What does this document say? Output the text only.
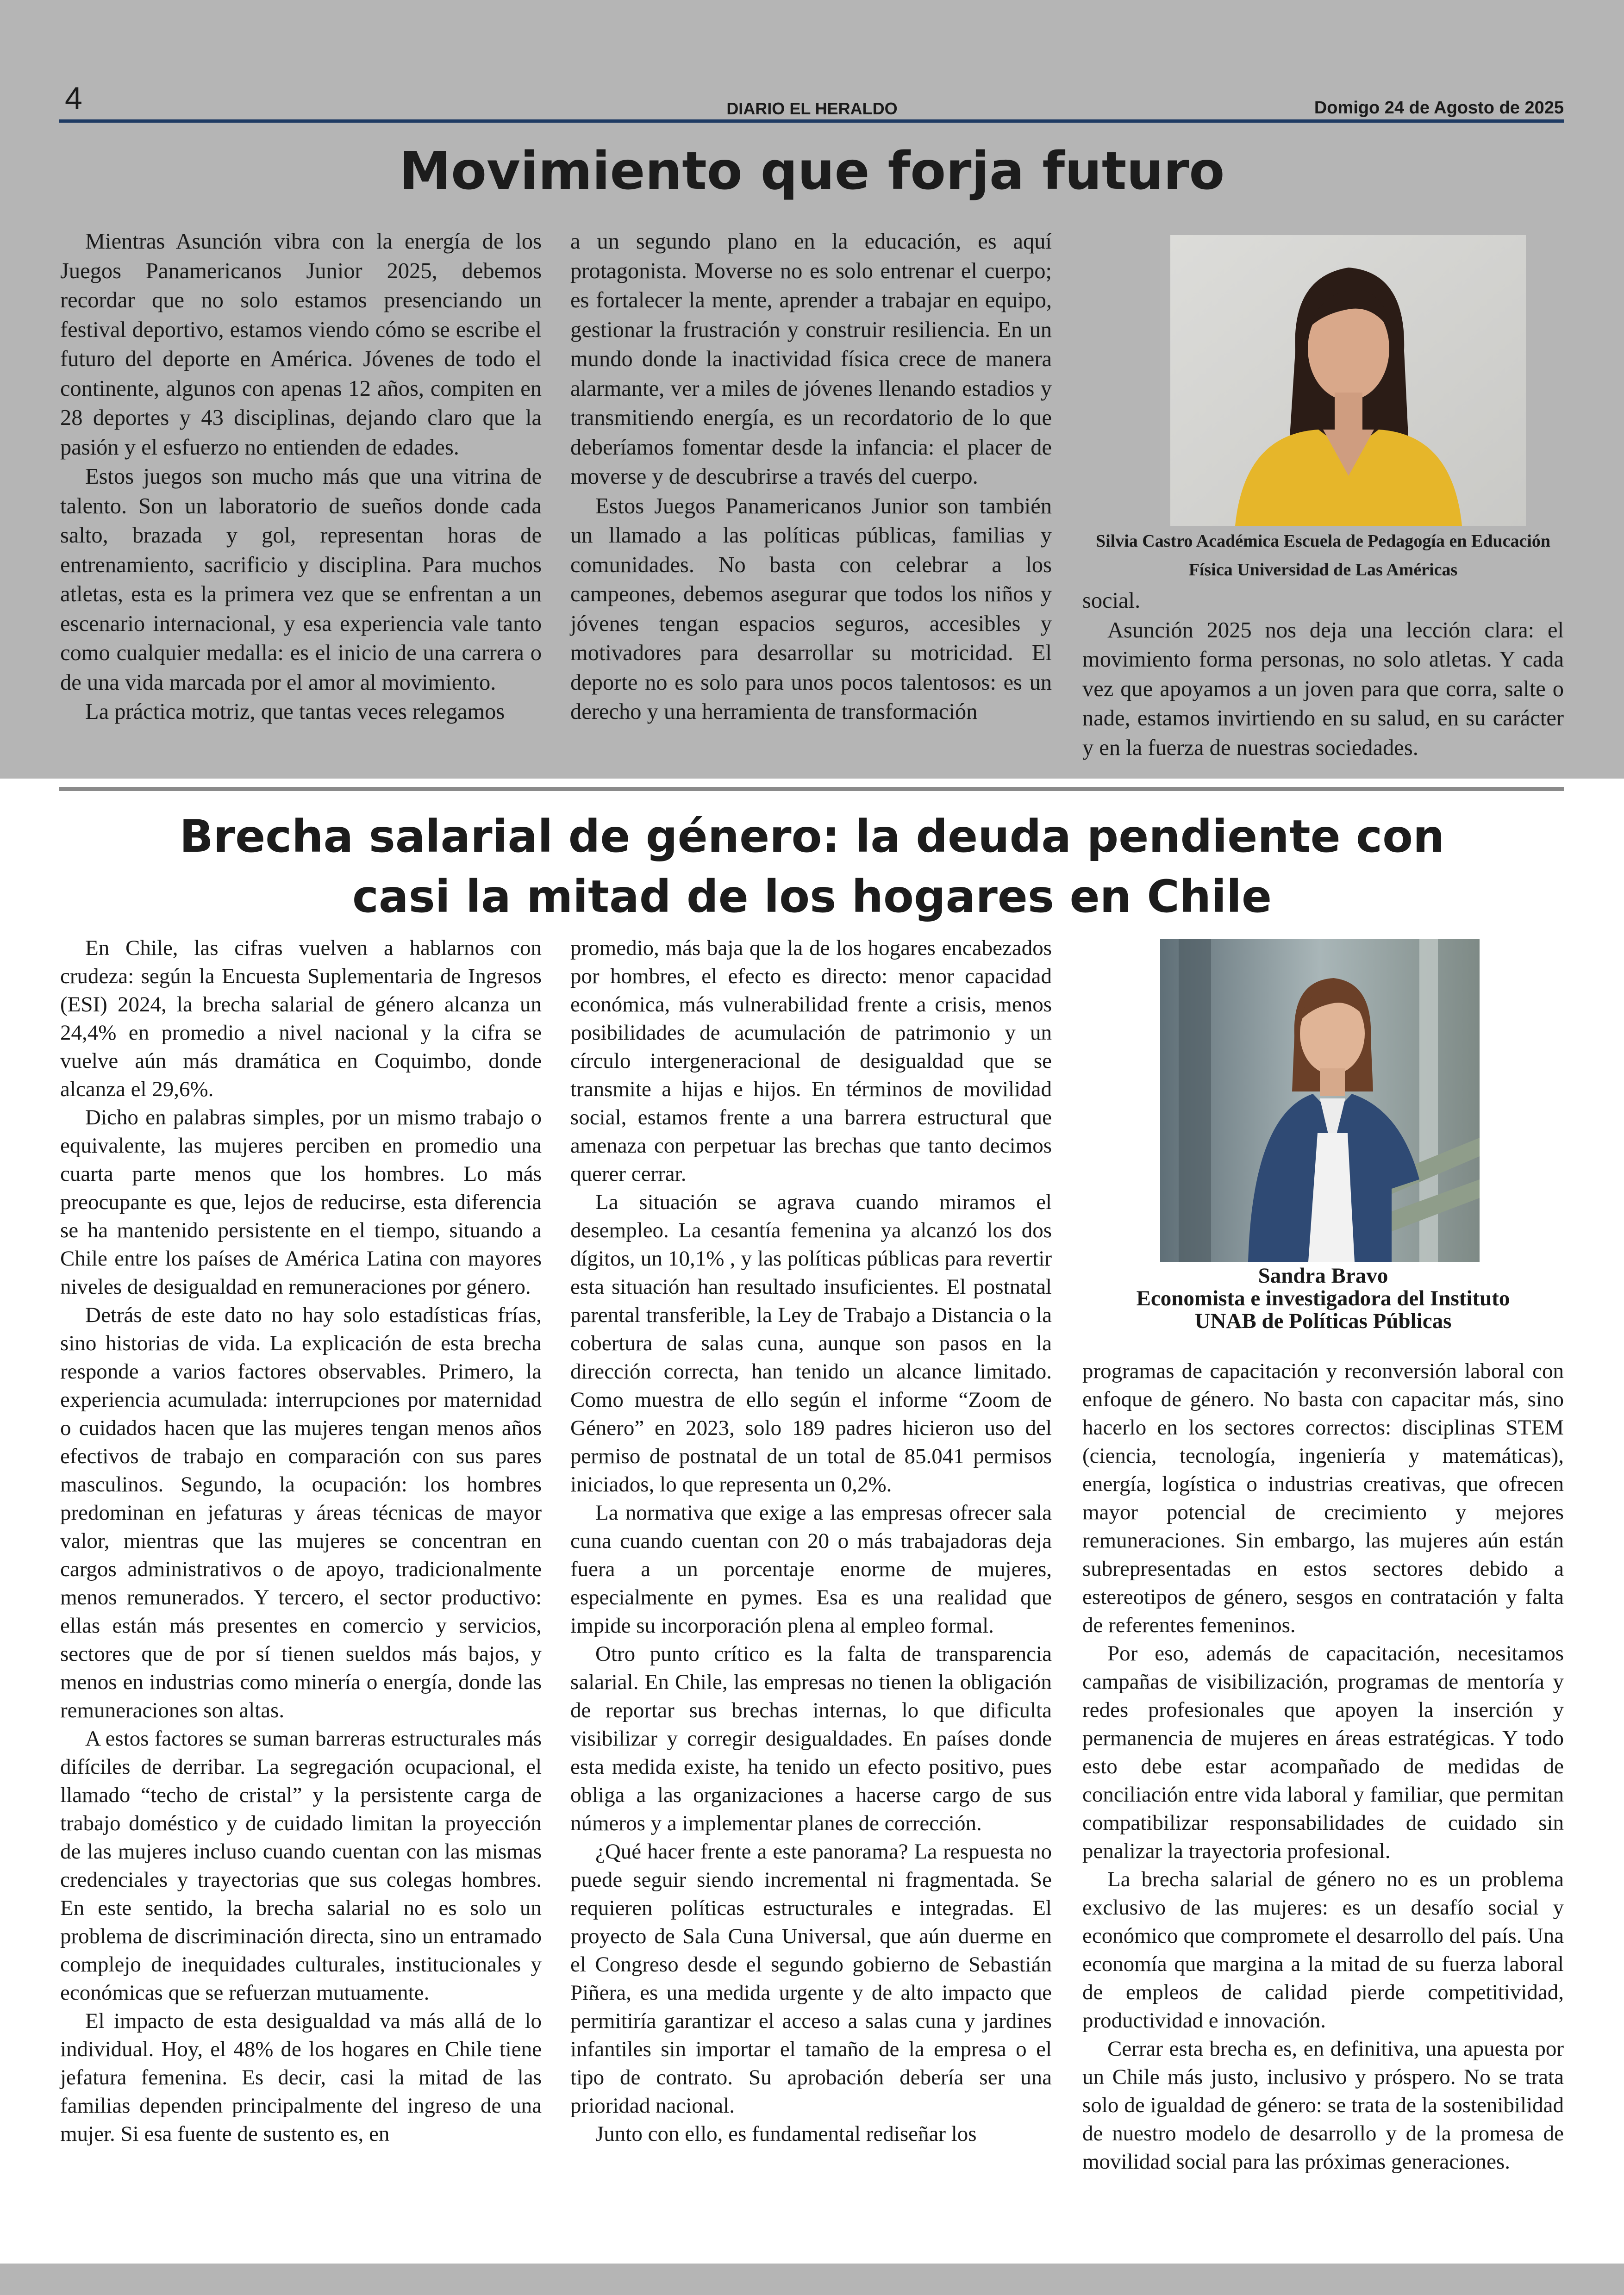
4	DIARIO EL HERALDO	Domigo 24 de Agosto de 2025
Movimiento que forja futuro

Mientras Asunción vibra con la energía de los Juegos Panamericanos Junior 2025, debemos recordar que no solo estamos presenciando un festival deportivo, estamos viendo cómo se escribe el futuro del deporte en América. Jóvenes de todo el continente, algunos con apenas 12 años, compiten en 28 deportes y 43 disciplinas, dejando claro que la pasión y el esfuerzo no entienden de edades.

Estos juegos son mucho más que una vitrina de talento. Son un laboratorio de sueños donde cada salto, brazada y gol, representan horas de entrenamiento, sacrificio y disciplina. Para muchos atletas, esta es la primera vez que se enfrentan a un escenario internacional, y esa experiencia vale tanto como cualquier medalla: es el inicio de una carrera o de una vida marcada por el amor al movimiento.

La práctica motriz, que tantas veces relegamos

a un segundo plano en la educación, es aquí protagonista. Moverse no es solo entrenar el cuerpo; es fortalecer la mente, aprender a trabajar en equipo, gestionar la frustración y construir resiliencia. En un mundo donde la inactividad física crece de manera alarmante, ver a miles de jóvenes llenando estadios y transmitiendo energía, es un recordatorio de lo que deberíamos fomentar desde la infancia: el placer de moverse y de descubrirse a través del cuerpo.

Estos Juegos Panamericanos Junior son también un llamado a las políticas públicas, familias y comunidades. No basta con celebrar a los campeones, debemos asegurar que todos los niños y jóvenes tengan espacios seguros, accesibles y motivadores para desarrollar su motricidad. El deporte no es solo para unos pocos talentosos: es un derecho y una herramienta de transformación

Silvia Castro Académica Escuela de Pedagogía en Educación Física Universidad de Las Américas

social.

Asunción 2025 nos deja una lección clara: el movimiento forma personas, no solo atletas. Y cada vez que apoyamos a un joven para que corra, salte o nade, estamos invirtiendo en su salud, en su carácter y en la fuerza de nuestras sociedades.

Brecha salarial de género: la deuda pendiente con
casi la mitad de los hogares en Chile

En Chile, las cifras vuelven a hablarnos con crudeza: según la Encuesta Suplementaria de Ingresos (ESI) 2024, la brecha salarial de género alcanza un 24,4% en promedio a nivel nacional y la cifra se vuelve aún más dramática en Coquimbo, donde alcanza el 29,6%.

Dicho en palabras simples, por un mismo trabajo o equivalente, las mujeres perciben en promedio una cuarta parte menos que los hombres. Lo más preocupante es que, lejos de reducirse, esta diferencia se ha mantenido persistente en el tiempo, situando a Chile entre los países de América Latina con mayores niveles de desigualdad en remuneraciones por género.

Detrás de este dato no hay solo estadísticas frías, sino historias de vida. La explicación de esta brecha responde a varios factores observables. Primero, la experiencia acumulada: interrupciones por maternidad o cuidados hacen que las mujeres tengan menos años efectivos de trabajo en comparación con sus pares masculinos. Segundo, la ocupación: los hombres predominan en jefaturas y áreas técnicas de mayor valor, mientras que las mujeres se concentran en cargos administrativos o de apoyo, tradicionalmente menos remunerados. Y tercero, el sector productivo: ellas están más presentes en comercio y servicios, sectores que de por sí tienen sueldos más bajos, y menos en industrias como minería o energía, donde las remuneraciones son altas.

A estos factores se suman barreras estructurales más difíciles de derribar. La segregación ocupacional, el llamado “techo de cristal” y la persistente carga de trabajo doméstico y de cuidado limitan la proyección de las mujeres incluso cuando cuentan con las mismas credenciales y trayectorias que sus colegas hombres. En este sentido, la brecha salarial no es solo un problema de discriminación directa, sino un entramado complejo de inequidades culturales, institucionales y económicas que se refuerzan mutuamente.

El impacto de esta desigualdad va más allá de lo individual. Hoy, el 48% de los hogares en Chile tiene jefatura femenina. Es decir, casi la mitad de las familias dependen principalmente del ingreso de una mujer. Si esa fuente de sustento es, en

promedio, más baja que la de los hogares encabezados por hombres, el efecto es directo: menor capacidad económica, más vulnerabilidad frente a crisis, menos posibilidades de acumulación de patrimonio y un círculo intergeneracional de desigualdad que se transmite a hijas e hijos. En términos de movilidad social, estamos frente a una barrera estructural que amenaza con perpetuar las brechas que tanto decimos querer cerrar.

La situación se agrava cuando miramos el desempleo. La cesantía femenina ya alcanzó los dos dígitos, un 10,1% , y las políticas públicas para revertir esta situación han resultado insuficientes. El postnatal parental transferible, la Ley de Trabajo a Distancia o la cobertura de salas cuna, aunque son pasos en la dirección correcta, han tenido un alcance limitado. Como muestra de ello según el informe “Zoom de Género” en 2023, solo 189 padres hicieron uso del permiso de postnatal de un total de 85.041 permisos iniciados, lo que representa un 0,2%.

La normativa que exige a las empresas ofrecer sala cuna cuando cuentan con 20 o más trabajadoras deja fuera a un porcentaje enorme de mujeres, especialmente en pymes. Esa es una realidad que impide su incorporación plena al empleo formal.

Otro punto crítico es la falta de transparencia salarial. En Chile, las empresas no tienen la obligación de reportar sus brechas internas, lo que dificulta visibilizar y corregir desigualdades. En países donde esta medida existe, ha tenido un efecto positivo, pues obliga a las organizaciones a hacerse cargo de sus números y a implementar planes de corrección.

¿Qué hacer frente a este panorama? La respuesta no puede seguir siendo incremental ni fragmentada. Se requieren políticas estructurales e integradas. El proyecto de Sala Cuna Universal, que aún duerme en el Congreso desde el segundo gobierno de Sebastián Piñera, es una medida urgente y de alto impacto que permitiría garantizar el acceso a salas cuna y jardines infantiles sin importar el tamaño de la empresa o el tipo de contrato. Su aprobación debería ser una prioridad nacional.

Junto con ello, es fundamental rediseñar los

Sandra Bravo
Economista e investigadora del Instituto
UNAB de Políticas Públicas

programas de capacitación y reconversión laboral con enfoque de género. No basta con capacitar más, sino hacerlo en los sectores correctos: disciplinas STEM (ciencia, tecnología, ingeniería y matemáticas), energía, logística o industrias creativas, que ofrecen mayor potencial de crecimiento y mejores remuneraciones. Sin embargo, las mujeres aún están subrepresentadas en estos sectores debido a estereotipos de género, sesgos en contratación y falta de referentes femeninos.

Por eso, además de capacitación, necesitamos campañas de visibilización, programas de mentoría y redes profesionales que apoyen la inserción y permanencia de mujeres en áreas estratégicas. Y todo esto debe estar acompañado de medidas de conciliación entre vida laboral y familiar, que permitan compatibilizar responsabilidades de cuidado sin penalizar la trayectoria profesional.

La brecha salarial de género no es un problema exclusivo de las mujeres: es un desafío social y económico que compromete el desarrollo del país. Una economía que margina a la mitad de su fuerza laboral de empleos de calidad pierde competitividad, productividad e innovación.

Cerrar esta brecha es, en definitiva, una apuesta por un Chile más justo, inclusivo y próspero. No se trata solo de igualdad de género: se trata de la sostenibilidad de nuestro modelo de desarrollo y de la promesa de movilidad social para las próximas generaciones.
